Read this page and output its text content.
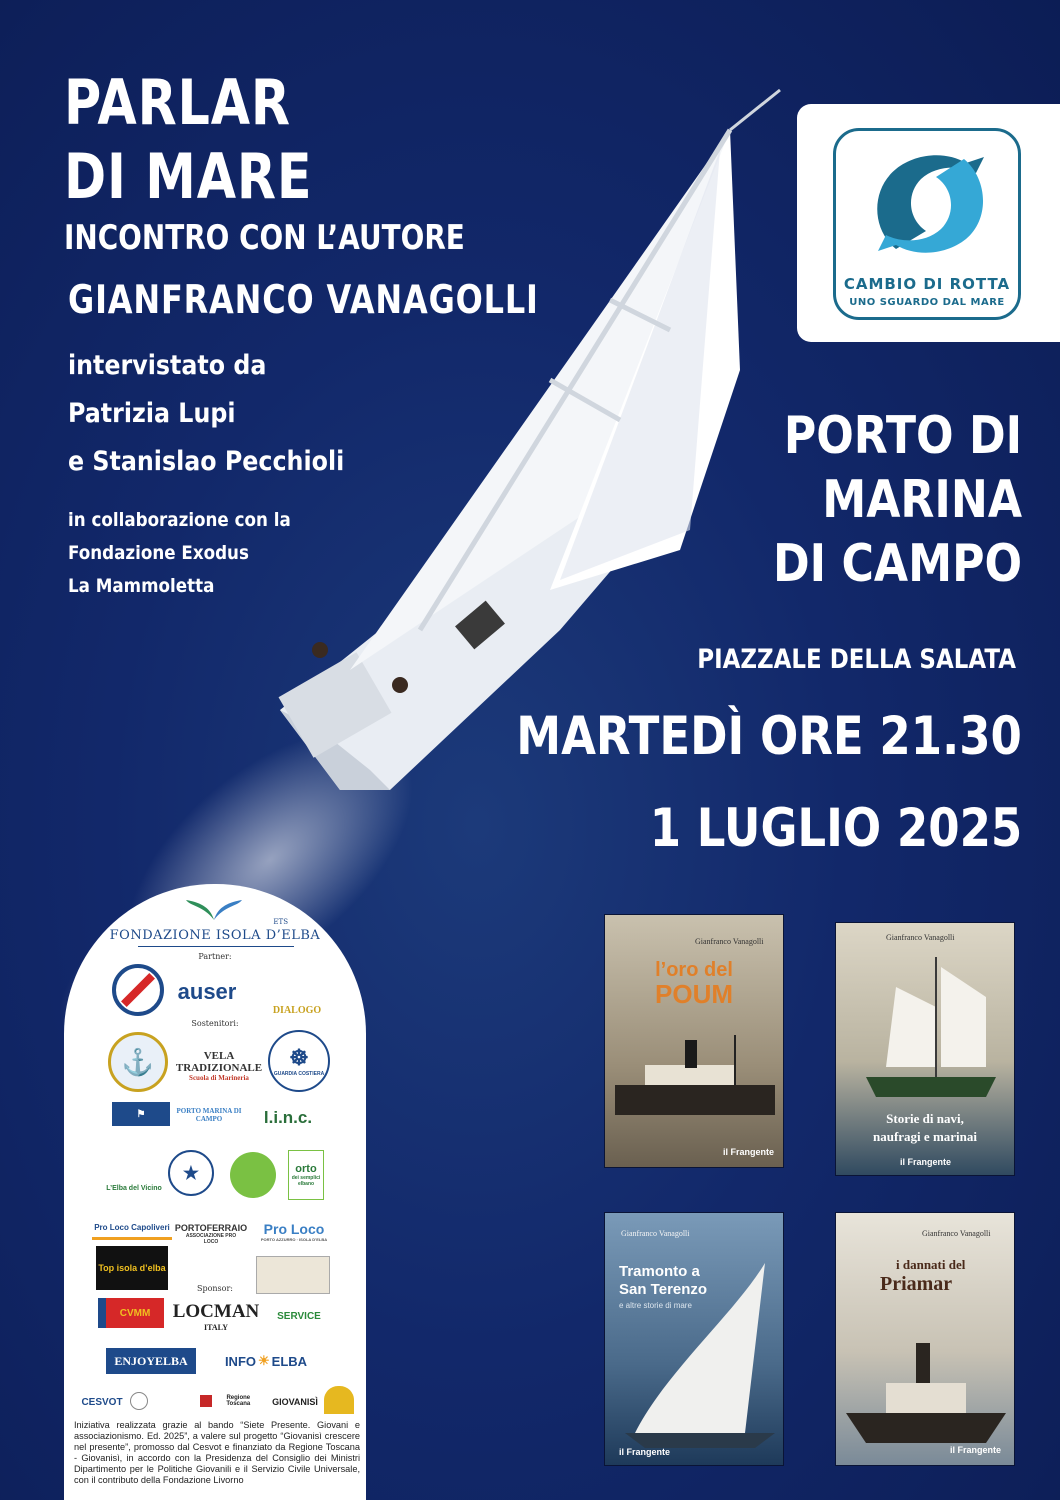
PARLAR
DI MARE
INCONTRO CON L’AUTORE
GIANFRANCO VANAGOLLI
intervistato da
Patrizia Lupi
e Stanislao Pecchioli
in collaborazione con la
Fondazione Exodus
La Mammoletta
CAMBIO DI ROTTA
UNO SGUARDO DAL MARE
PORTO DI
MARINA
DI CAMPO
PIAZZALE DELLA SALATA
MARTEDÌ ORE 21.30
1 LUGLIO 2025
ETS
FONDAZIONE ISOLA D’ELBA
Partner:
auser
DIALOGO
Sostenitori:
⚓	VELA TRADIZIONALE
Scuola di Marineria
☸
GUARDIA COSTIERA
⚑	PORTO MARINA DI CAMPO	l.i.n.c.
L’Elba del Vicino
★	orto
dei semplici elbano
Pro Loco Capoliveri PORTOFERRAIO
ASSOCIAZIONE PRO LOCO
Pro Loco
PORTO AZZURRO · ISOLA D’ELBA
Top isola d’elba
Sponsor:
CVMM	LOCMAN
ITALY
SERVICE
ENJOYELBA	INFO ☀ ELBA
CESVOT	Regione Toscana	GIOVANISÌ
Iniziativa realizzata grazie al bando “Siete Presente. Giovani e associazionismo. Ed. 2025”, a valere sul progetto “Giovanisì crescere nel presente”, promosso dal Cesvot e finanziato da Regione Toscana - Giovanisì, in accordo con la Presidenza del Consiglio dei Ministri Dipartimento per le Politiche Giovanili e il Servizio Civile Universale, con il contributo della Fondazione Livorno
Gianfranco Vanagolli
l’oro del
POUM
il Frangente
Gianfranco Vanagolli
Storie di navi,
naufragi e marinai
il Frangente
Gianfranco Vanagolli
Tramonto a
San Terenzo
e altre storie di mare
il Frangente
Gianfranco Vanagolli
i dannati del
Priamar
il Frangente
